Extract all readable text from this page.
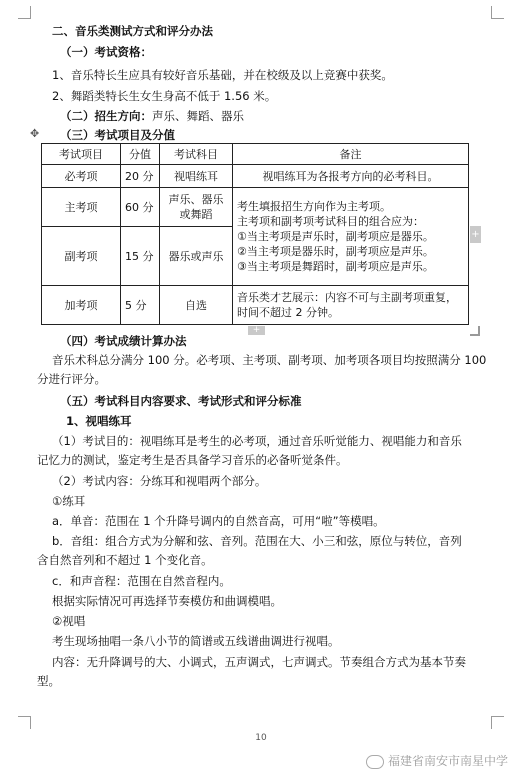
二、音乐类测试方式和评分办法
（一）考试资格：
1、音乐特长生应具有较好音乐基础，并在校级及以上竞赛中获奖。
2、舞蹈类特长生女生身高不低于 1.56 米。
（二）招生方向：声乐、舞蹈、器乐
✥ （三）考试项目及分值
考试项目	分值	考试科目	备注
必考项	20 分	视唱练耳	视唱练耳为各报考方向的必考科目。
主考项	60 分	声乐、器乐或舞蹈	考生填报招生方向作为主考项。
主考项和副考项考试科目的组合应为：
①当主考项是声乐时，副考项应是器乐。
②当主考项是器乐时，副考项应是声乐。
③当主考项是舞蹈时，副考项应是声乐。

副考项	15 分	器乐或声乐	
加考项	5 分	自选	音乐类才艺展示：内容不可与主副考项重复，
时间不超过 2 分钟。
+
+
（四）考试成绩计算办法
音乐术科总分满分 100 分。必考项、主考项、副考项、加考项各项目均按照满分 100
分进行评分。
（五）考试科目内容要求、考试形式和评分标准
1、视唱练耳
（1）考试目的：视唱练耳是考生的必考项，通过音乐听觉能力、视唱能力和音乐
记忆力的测试，鉴定考生是否具备学习音乐的必备听觉条件。
（2）考试内容：分练耳和视唱两个部分。
①练耳
a．单音：范围在 1 个升降号调内的自然音高，可用“啦”等模唱。
b．音组：组合方式为分解和弦、音列。范围在大、小三和弦，原位与转位，音列
含自然音列和不超过 1 个变化音。
c．和声音程：范围在自然音程内。
根据实际情况可再选择节奏模仿和曲调模唱。
②视唱
考生现场抽唱一条八小节的简谱或五线谱曲调进行视唱。
内容：无升降调号的大、小调式，五声调式，七声调式。节奏组合方式为基本节奏
型。
10
福建省南安市南星中学
